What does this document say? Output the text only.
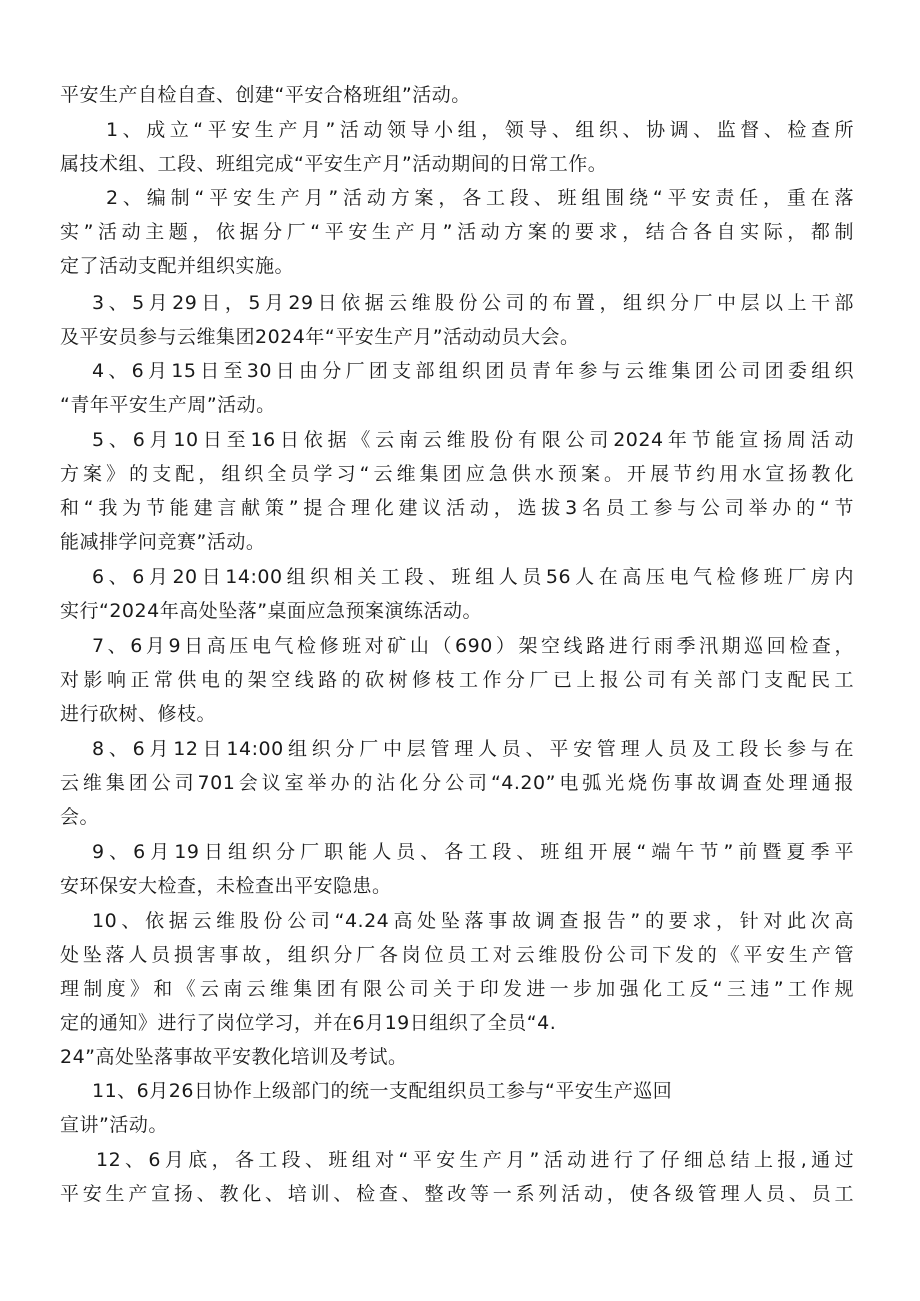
平安生产自检自查、创建“平安合格班组”活动。
1、成立“平安生产月”活动领导小组，领导、组织、协调、监督、检查所
属技术组、工段、班组完成“平安生产月”活动期间的日常工作。
2、编制“平安生产月”活动方案，各工段、班组围绕“平安责任，重在落
实”活动主题，依据分厂“平安生产月”活动方案的要求，结合各自实际，都制
定了活动支配并组织实施。
3、5月29日，5月29日依据云维股份公司的布置，组织分厂中层以上干部
及平安员参与云维集团2024年“平安生产月”活动动员大会。
4、6月15日至30日由分厂团支部组织团员青年参与云维集团公司团委组织
“青年平安生产周”活动。
5、6月10日至16日依据《云南云维股份有限公司2024年节能宣扬周活动
方案》的支配，组织全员学习“云维集团应急供水预案。开展节约用水宣扬教化
和“我为节能建言献策”提合理化建议活动，选拔3名员工参与公司举办的“节
能减排学问竞赛”活动。
6、6月20日14:00组织相关工段、班组人员56人在高压电气检修班厂房内
实行“2024年高处坠落”桌面应急预案演练活动。
7、6月9日高压电气检修班对矿山（690）架空线路进行雨季汛期巡回检查，
对影响正常供电的架空线路的砍树修枝工作分厂已上报公司有关部门支配民工
进行砍树、修枝。
8、6月12日14:00组织分厂中层管理人员、平安管理人员及工段长参与在
云维集团公司701会议室举办的沾化分公司“4.20”电弧光烧伤事故调查处理通报
会。
9、6月19日组织分厂职能人员、各工段、班组开展“端午节”前暨夏季平
安环保安大检查，未检查出平安隐患。
10、依据云维股份公司“4.24高处坠落事故调查报告”的要求，针对此次高
处坠落人员损害事故，组织分厂各岗位员工对云维股份公司下发的《平安生产管
理制度》和《云南云维集团有限公司关于印发进一步加强化工反“三违”工作规
定的通知》进行了岗位学习，并在6月19日组织了全员“4.
24”高处坠落事故平安教化培训及考试。
11、6月26日协作上级部门的统一支配组织员工参与“平安生产巡回
宣讲”活动。
12、6月底，各工段、班组对“平安生产月”活动进行了仔细总结上报,通过
平安生产宣扬、教化、培训、检查、整改等一系列活动，使各级管理人员、员工
